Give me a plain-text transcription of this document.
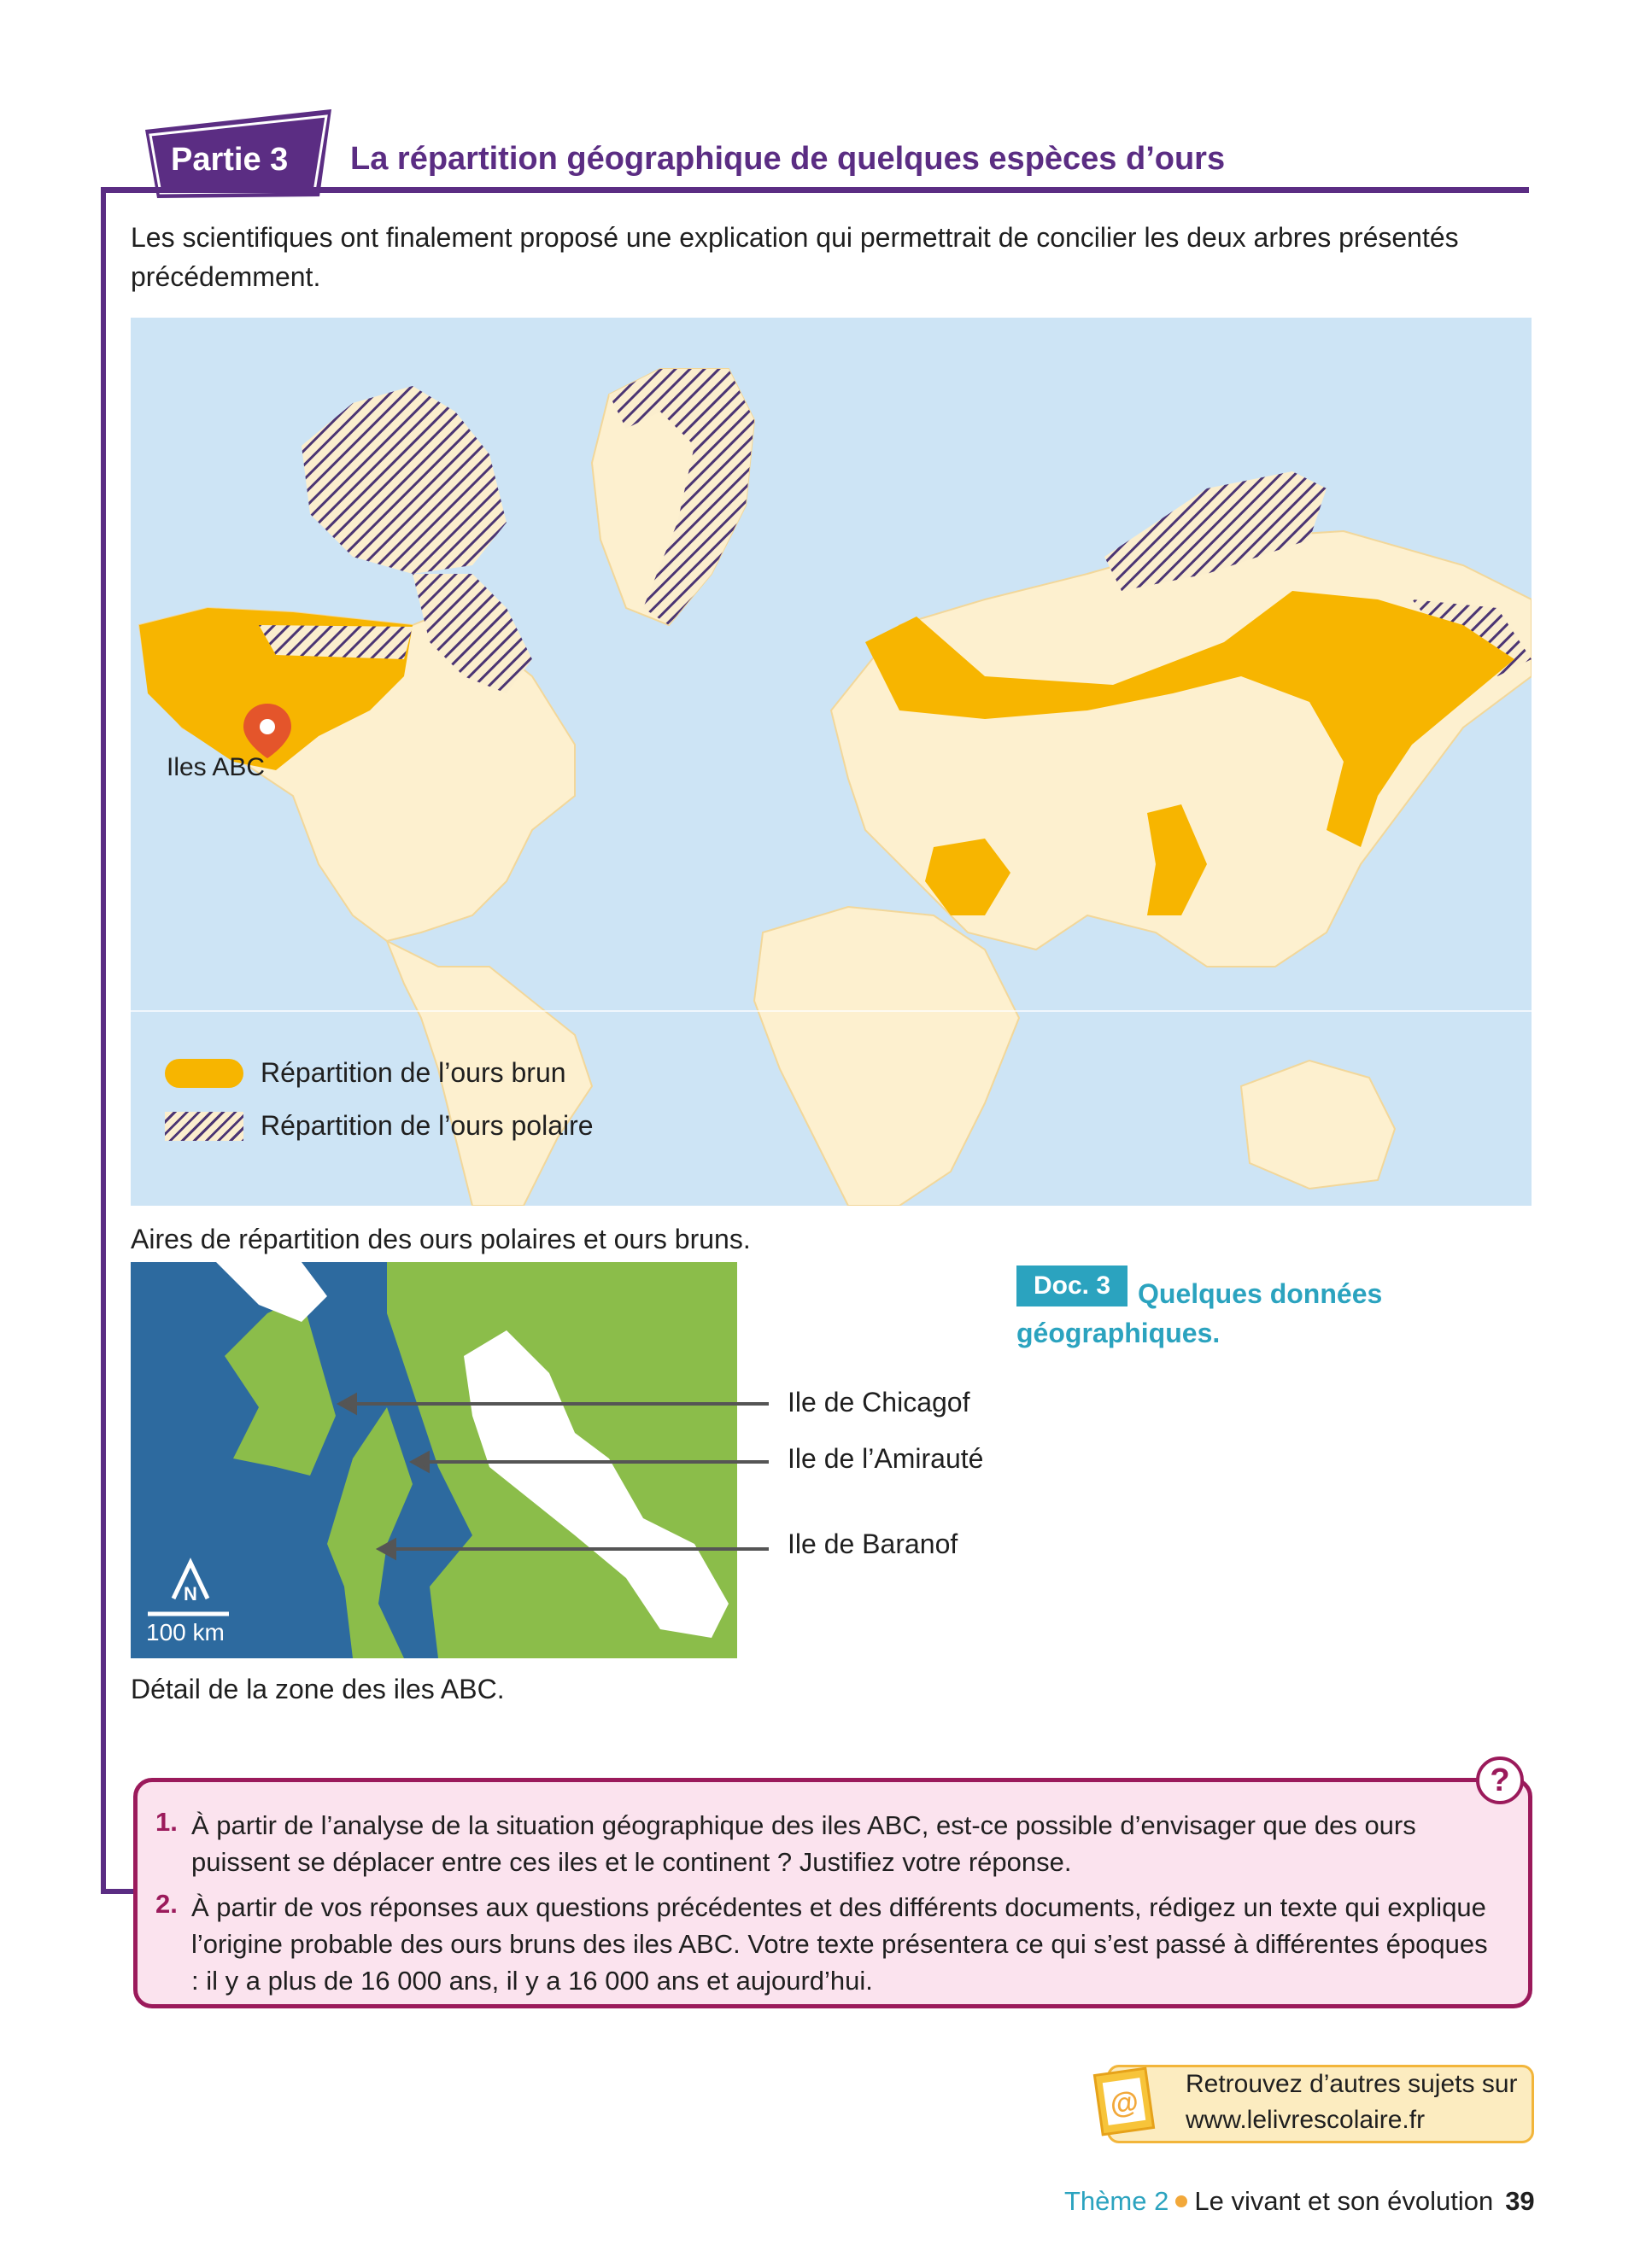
Partie 3 La répartition géographique de quelques espèces d’ours
Les scientifiques ont finalement proposé une explication qui permettrait de concilier les deux arbres présentés précédemment.
Iles ABC
Répartition de l’ours brun
Répartition de l’ours polaire
Aires de répartition des ours polaires et ours bruns.
N
100 km
Ile de Chicagof
Ile de l’Amirauté
Ile de Baranof
Détail de la zone des iles ABC.
Doc. 3 Quelques données géographiques.
?
1. À partir de l’analyse de la situation géographique des iles ABC, est-ce possible d’envisager que des ours puissent se déplacer entre ces iles et le continent ? Justifiez votre réponse.
2. À partir de vos réponses aux questions précédentes et des différents documents, rédigez un texte qui explique l’origine probable des ours bruns des iles ABC. Votre texte présentera ce qui s’est passé à différentes époques : il y a plus de 16 000 ans, il y a 16 000 ans et aujourd’hui.
@
Retrouvez d’autres sujets sur www.lelivrescolaire.fr
Thème 2 Le vivant et son évolution 39
